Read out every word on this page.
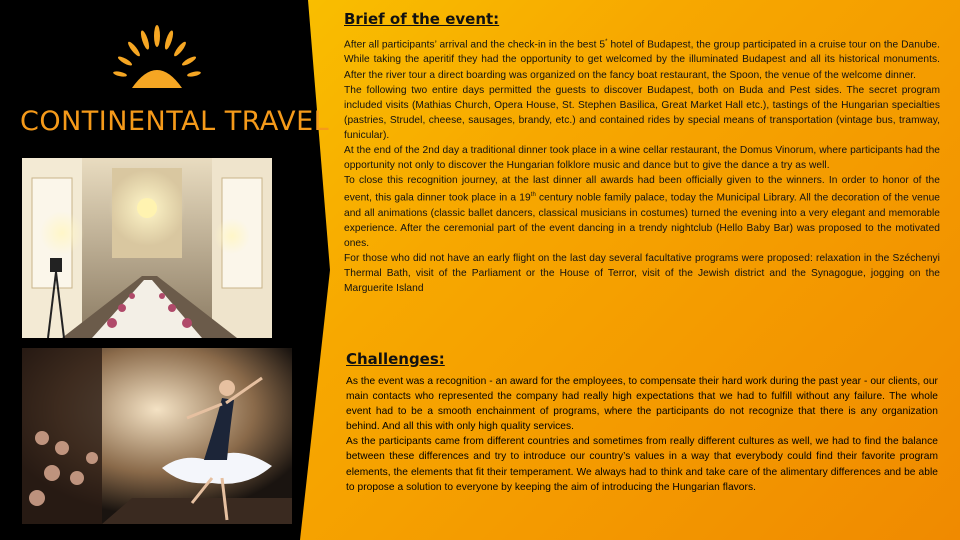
CONTINENTAL TRAVEL
Brief of the event:

After all participants’ arrival and the check-in in the best 5* hotel of Budapest, the group participated in a cruise tour on the Danube. While taking the aperitif they had the opportunity to get welcomed by the illuminated Budapest and all its historical monuments. After the river tour a direct boarding was organized on the fancy boat restaurant, the Spoon, the venue of the welcome dinner.

The following two entire days permitted the guests to discover Budapest, both on Buda and Pest sides. The secret program included visits (Mathias Church, Opera House, St. Stephen Basilica, Great Market Hall etc.), tastings of the Hungarian specialties (pastries, Strudel, cheese, sausages, brandy, etc.) and contained rides by special means of transportation (vintage bus, tramway, funicular).

At the end of the 2nd day a traditional dinner took place in a wine cellar restaurant, the Domus Vinorum, where participants had the opportunity not only to discover the Hungarian folklore music and dance but to give the dance a try as well.

To close this recognition journey, at the last dinner all awards had been officially given to the winners. In order to honor of the event, this gala dinner took place in a 19th century noble family palace, today the Municipal Library. All the decoration of the venue and all animations (classic ballet dancers, classical musicians in costumes) turned the evening into a very elegant and memorable experience. After the ceremonial part of the event dancing in a trendy nightclub (Hello Baby Bar) was proposed to the motivated ones.

For those who did not have an early flight on the last day several facultative programs were proposed: relaxation in the Széchenyi Thermal Bath, visit of the Parliament or the House of Terror, visit of the Jewish district and the Synagogue, jogging on the Marguerite Island

Challenges:

As the event was a recognition - an award for the employees, to compensate their hard work during the past year - our clients, our main contacts who represented the company had really high expectations that we had to fulfill without any failure. The whole event had to be a smooth enchainment of programs, where the participants do not recognize that there is any organization behind. And all this with only high quality services.

As the participants came from different countries and sometimes from really different cultures as well, we had to find the balance between these differences and try to introduce our country’s values in a way that everybody could find their favorite program elements, the elements that fit their temperament. We always had to think and take care of the alimentary differences and be able to propose a solution to everyone by keeping the aim of introducing the Hungarian flavors.
